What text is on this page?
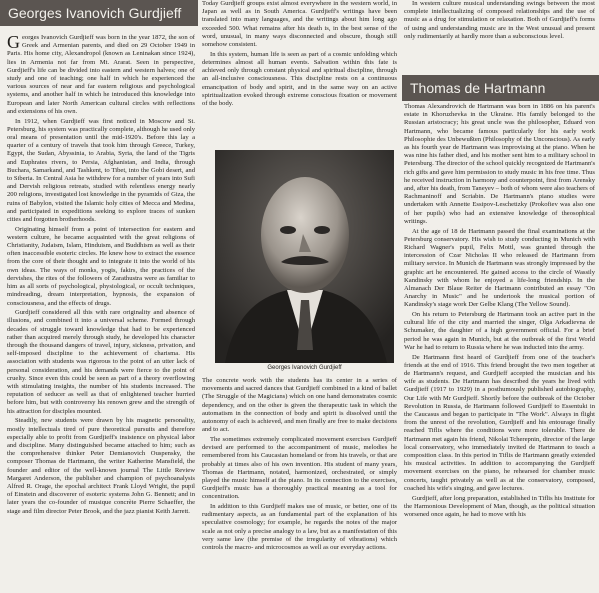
Georges Ivanovich Gurdjieff

Georges Ivanovich Gurdjieff was born in the year 1872, the son of Greek and Armenian parents, and died on 29 October 1949 in Paris. His home city, Alexandropol (known as Leninakan since 1924), lies in Armenia not far from Mt. Ararat. Seen in perspective, Gurdjieff's life can be divided into eastern and western halves; one of study and one of teaching; one half in which he experienced the various sources of near and far eastern religious and psychological systems, and another half in which he introduced this knowledge into European and later North American cultural circles with reflections and extensions of his own.

In 1912, when Gurdjieff was first noticed in Moscow and St. Petersburg, his system was practically complete, although he used only oral means of presentation until the mid-1920's. Before this lay a quarter of a century of travels that took him through Greece, Turkey, Egypt, the Sudan, Abyssinia, to Arabia, Syria, the land of the Tigris and Euphrates rivers, to Persia, Afghanistan, and India, through Buchara, Samarkand, and Tashkent, to Tibet, into the Gobi desert, and to Siberia. In Central Asia he withdrew for a number of years into Sufi and Dervish religious retreats, studied with relentless energy nearly 200 religions, investigated lost knowledge in the pyramids of Giza, the ruins of Babylon, visited the Islamic holy cities of Mecca and Medina, and participated in expeditions seeking to explore traces of sunken cities and forgotten brotherhoods.

Originating himself from a point of intersection for eastern and western culture, he became acquainted with the great religions of Christianity, Judaism, Islam, Hinduism, and Buddhism as well as their often inaccessible esoteric circles. He knew how to extract the essence from the core of their thought and to integrate it into the world of his own ideas. The ways of monks, yogis, fakirs, the practices of the dervishes, the rites of the followers of Zarathustra were as familiar to him as all sorts of psychological, physiological, or occult techniques, mindreading, dream interpretation, hypnosis, the expansion of consciousness, and the effects of drugs.

Gurdjieff considered all this with rare originality and absence of illusions, and combined it into a universal scheme. Formed through decades of struggle toward knowledge that had to be experienced rather than acquired merely through study, he developed his character through the thousand dangers of travel, injury, sickness, privation, and self-imposed discipline to the achievement of charisma. His association with students was rigorous to the point of an utter lack of personal consideration, and his demands were fierce to the point of cruelty. Since even this could be seen as part of a theory overflowing with stimulating insights, the number of his students increased. The reputation of seducer as well as that of enlightened teacher hurried before him, but with controversy his renown grew and the strength of his attraction for disciples mounted.

Steadily, new students were drawn by his magnetic personality, mostly intellectuals tired of pure theoretical pursuits and therefore especially able to profit from Gurdjieff's insistence on physical labor and discipline. Many distinguished became attached to him; such as the comprehensive thinker Peter Demianovich Ouspensky, the composer Thomas de Hartmann, the writer Katherine Mansfield, the founder and editor of the well-known journal The Little Review Margaret Anderson, the publisher and champion of psychoanalysis Alfred R. Orage, the epochal architect Frank Lloyd Wright, the pupil of Einstein and discoverer of esoteric systems John G. Bennett; and in later years the co-founder of musique concrète Pierre Schaeffer, the stage and film director Peter Brook, and the jazz pianist Keith Jarrett.

Today Gurdjieff groups exist almost everywhere in the western world, in Japan as well as in South America. Gurdjieff's writings have been translated into many languages, and the writings about him long ago exceeded 500. What remains after his death is, in the best sense of the word, unusual, in many ways disconnected and obscure, though still somehow consistent.

In this system, human life is seen as part of a cosmic unfolding which determines almost all human events. Salvation within this fate is achieved only through constant physical and spiritual discipline, through an all-inclusive consciousness. This discipline rests on a continuous emancipation of body and spirit, and in the same way on an active spiritualization evoked through extreme conscious fixation or movement of the body.

Georges Ivanovich Gurdjieff

The concrete work with the students has its center in a series of movements and sacred dances that Gurdjieff combined in a kind of ballet (The Struggle of the Magicians) which on one hand demonstrates cosmic dependency, and on the other is given the therapeutic task in which the automatism in the connection of body and spirit is dissolved until the autonomy of each is achieved, and men finally are free to make decisions and to act.

The sometimes extremely complicated movement exercises Gurdjieff devised are performed to the accompaniment of music, melodies he remembered from his Caucasian homeland or from his travels, or that are probably at times also of his own invention. His student of many years, Thomas de Hartmann, notated, harmonized, orchestrated, or simply played the music himself at the piano. In its connection to the exercises, Gurdjieff's music has a thoroughly practical meaning as a tool for concentration.

In addition to this Gurdjieff makes use of music, or better, one of its rudimentary aspects, as an fundamental part of the explanation of his speculative cosmology; for example, he regards the notes of the major scale as not only a precise analogy to a law, but as a manifestation of this very same law (the premise of the irregularity of vibrations) which controls the macro- and microcosmos as well as our everyday actions.

In western culture musical understanding swings between the most complete intellectualizing of composed relationships and the use of music as a drug for stimulation or relaxation. Both of Gurdjieff's forms of using and understanding music are in the West unusual and present only rudimentarily at hardly more than a subconscious level.

Thomas de Hartmann

Thomas Alexandrovich de Hartmann was born in 1886 on his parent's estate in Khoruzhevka in the Ukraine. His family belonged to the Russian aristocracy; his great uncle was the philosopher, Eduard von Hartmann, who became famous particularly for his early work Philosophie des Unbewußten (Philosophy of the Unconscious). As early as his fourth year de Hartmann was improvising at the piano. When he was nine his father died, and his mother sent him to a military school in Petersburg. The director of the school quickly recognized de Hartmann's rich gifts and gave him permission to study music in his free time. Thus he received instruction in harmony and counterpoint, first from Arensky and, after his death, from Taneyev – both of whom were also teachers of Rachmaninoff and Scriabin. De Hartmann's piano studies were undertaken with Annette Essipov-Leschetizky (Prokofiev was also one of her pupils) who had an extensive knowledge of theosophical writings.

At the age of 18 de Hartmann passed the final examinations at the Petersburg conservatory. His wish to study conducting in Munich with Richard Wagner's pupil, Felix Mottl, was granted through the intercession of Czar Nicholas II who released de Hartmann from military service. In Munich de Hartmann was strongly impressed by the graphic art he encountered. He gained access to the circle of Wassily Kandinsky with whom he enjoyed a life-long friendship. In the Almanach Der Blaue Reiter de Hartmann contributed an essay "On Anarchy in Music" and he undertook the musical portion of Kandinsky's stage work Der Gelbe Klang (The Yellow Sound).

On his return to Petersburg de Hartmann took an active part in the cultural life of the city and married the singer, Olga Arkadievna de Schumaker, the daughter of a high government official. For a brief period he was again in Munich, but at the outbreak of the first World War he had to return to Russia where he was inducted into the army.

De Hartmann first heard of Gurdjieff from one of the teacher's friends at the end of 1916. This friend brought the two men together at de Hartmann's request, and Gurdjieff accepted the musician and his wife as students. De Hartmann has described the years he lived with Gurdjieff (1917 to 1929) in a posthumously published autobiography, Our Life with Mr Gurdjieff. Shortly before the outbreak of the October Revolution in Russia, de Hartmann followed Gurdjieff to Essentuki in the Caucasus and began to participate in "The Work". Always in flight from the unrest of the revolution, Gurdjieff and his entourage finally reached Tiflis where the conditions were more tolerable. There de Hartmann met again his friend, Nikolai Tcherepnin, director of the large local conservatory, who immediately invited de Hartmann to teach a composition class. In this period in Tiflis de Hartmann greatly extended his musical activities. In addition to accompanying the Gurdjieff movement exercises on the piano, he rehearsed for chamber music concerts, taught privately as well as at the conservatory, composed, coached his wife's singing, and gave lectures.

Gurdjieff, after long preparation, established in Tiflis his Institute for the Harmonious Development of Man, though, as the political situation worsened once again, he had to move with his
